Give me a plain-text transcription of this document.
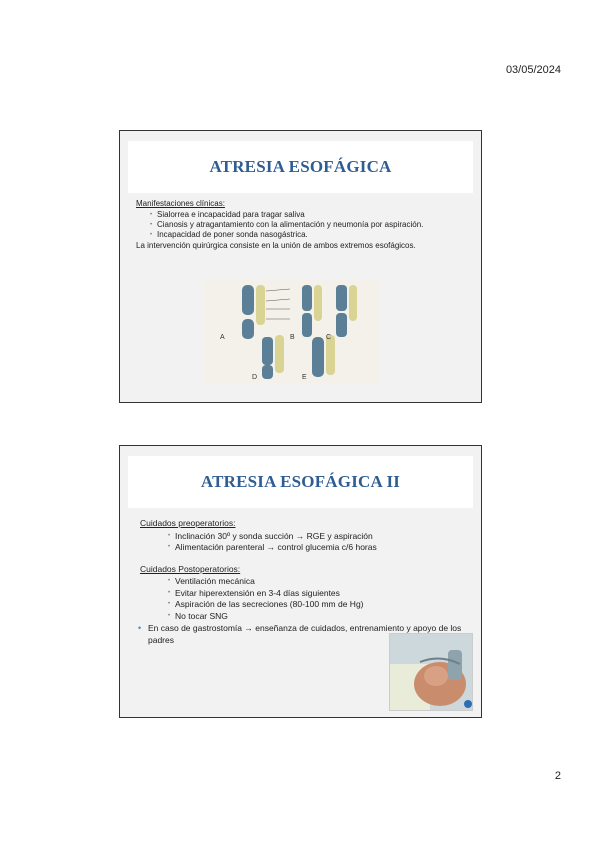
03/05/2024
ATRESIA ESOFÁGICA
Manifestaciones clínicas:
• Sialorrea e incapacidad para tragar saliva
• Cianosis y atragantamiento con la alimentación y neumonía por aspiración.
• Incapacidad de poner sonda nasogástrica.
La intervención quirúrgica consiste en la unión de ambos extremos esofágicos.
A	B	C
D	E
ATRESIA ESOFÁGICA II
Cuidados preoperatorios:
• Inclinación 30º y sonda succión → RGE y aspiración
• Alimentación parenteral → control glucemia c/6 horas
Cuidados Postoperatorios:
• Ventilación mecánica
• Evitar hiperextensión en 3-4 días siguientes
• Aspiración de las secreciones (80-100 mm de Hg)
• No tocar SNG
• En caso de gastrostomía → enseñanza de cuidados, entrenamiento y apoyo de los padres
2
